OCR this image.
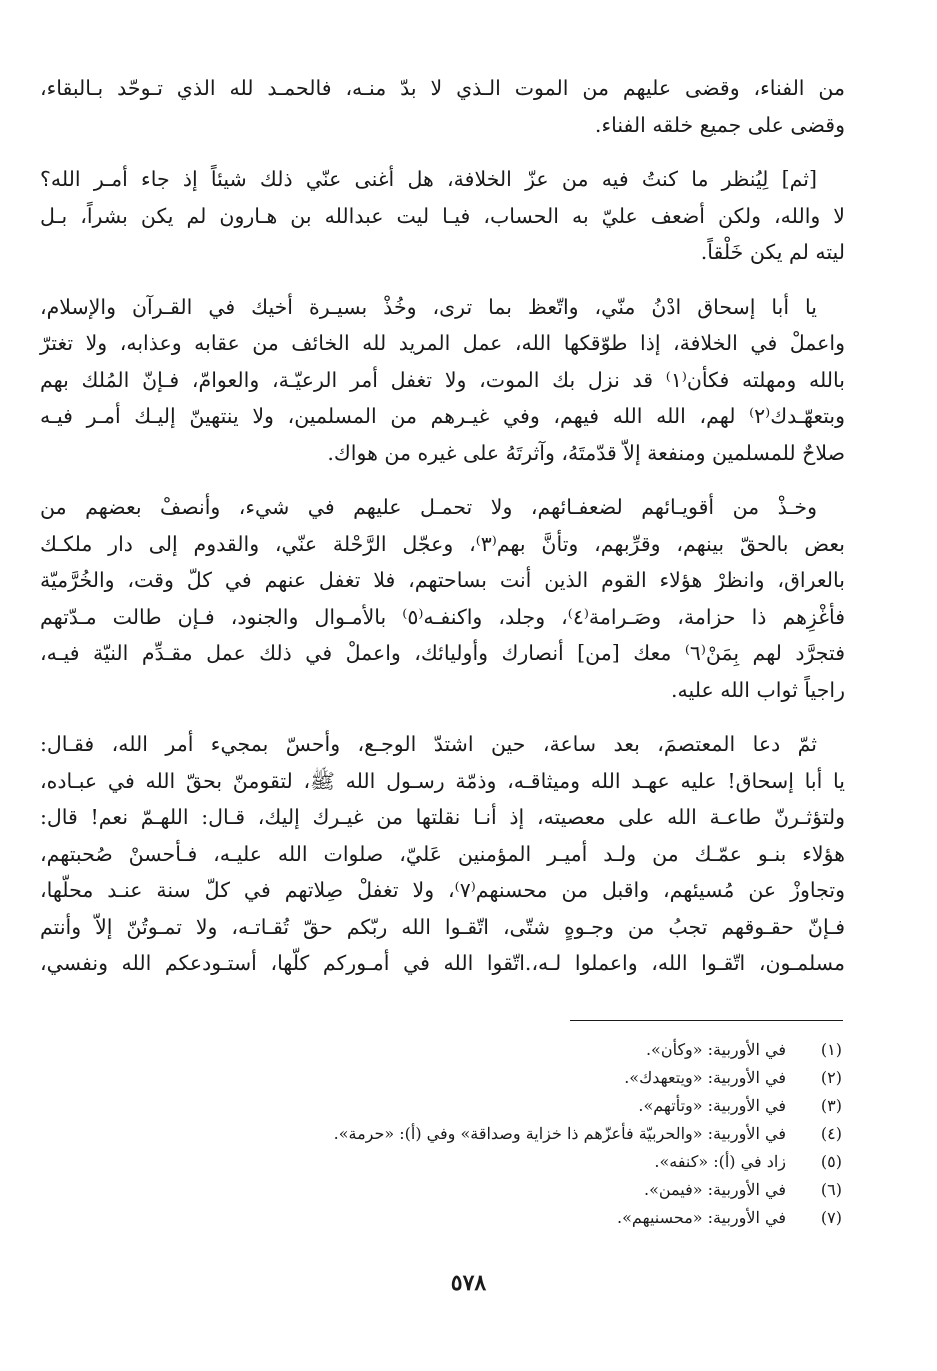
من الفناء، وقضى عليهم من الموت الـذي لا بدّ منـه، فالحمـد لله الذي تـوحّد بـالبقاء،
وقضى على جميع خلقه الفناء.

[ثم] لِيُنظر ما كنتُ فيه من عزّ الخلافة، هل أغنى عنّي ذلك شيئاً إذ جاء أمـر الله؟
لا والله، ولكن أضعف عليّ به الحساب، فيـا ليت عبدالله بن هـارون لم يكن بشراً، بـل
ليته لم يكن خَلْقاً.

يا أبا إسحاق ادْنُ منّي، واتّعظ بما ترى، وخُذْ بسيـرة أخيك في القـرآن والإسلام،
واعملْ في الخلافة، إذا طوّقكها الله، عمل المريد لله الخائف من عقابه وعذابه، ولا تغترّ
بالله ومهلته فكأن⁽١⁾ قد نزل بك الموت، ولا تغفل أمر الرعيّـة، والعوامّ، فـإنّ المُلك بهم
وبتعهّـدك⁽٢⁾ لهم، الله الله فيهم، وفي غيـرهم من المسلمين، ولا ينتهينّ إليـك أمـر فيـه
صلاحٌ للمسلمين ومنفعة إلاّ قدّمتَهُ، وآثرتَهُ على غيره من هواك.

وخـذْ من أقويـائهم لضعفـائهم، ولا تحمـل عليهم في شيء، وأنصفْ بعضهم من
بعض بالحقّ بينهم، وقرِّبهم، وتأنَّ بهم⁽٣⁾، وعجّل الرَّحْلة عنّي، والقدوم إلى دار ملكـك
بالعراق، وانظرْ هؤلاء القوم الذين أنت بساحتهم، فلا تغفل عنهم في كلّ وقت، والخُرَّميّة
فأغْزِهم ذا حزامة، وصَـرامة⁽٤⁾، وجلد، واكنفـه⁽٥⁾ بالأمـوال والجنود، فـإن طالت مـدّتهم
فتجرَّد لهم بِمَنْ⁽٦⁾ معك [من] أنصارك وأوليائك، واعملْ في ذلك عمل مقـدِّم النيّة فيـه،
راجياً ثواب الله عليه.

ثمّ دعا المعتصمَ، بعد ساعة، حين اشتدّ الوجـع، وأحسّ بمجيء أمر الله، فقـال:
يا أبا إسحاق! عليه عهـد الله وميثاقـه، وذمّة رسـول الله ﷺ، لتقومنّ بحقّ الله في عبـاده،
ولتؤثـرنّ طاعـة الله على معصيته، إذ أنـا نقلتها من غيـرك إليك، قـال: اللهـمّ نعم! قال:
هؤلاء بنـو عمّـك من ولـد أميـر المؤمنين عَليّ، صلوات الله عليـه، فـأحسنْ صُحبتهم،
وتجاوزْ عن مُسيئهم، واقبل من محسنهم⁽٧⁾، ولا تغفلْ صِلاتهم في كلّ سنة عنـد محلّها،
فـإنّ حقـوقهم تجبُ من وجـوهٍ شتّى، اتّقـوا الله ربّكم حقّ تُقـاتـه، ولا تمـوتُنّ إلاّ وأنتم
مسلمـون، اتّقـوا الله، واعملوا لـه،.اتّقوا الله في أمـوركم كلّها، أستـودعكم الله ونفسي،

(١)
في الأوربية: «وكأن».
(٢)
في الأوربية: «ويتعهدك».
(٣)
في الأوربية: «وتأتهم».
(٤)
في الأوربية: «والحربيّة فأعزّهم ذا خزاية وصداقة» وفي (أ): «حرمة».
(٥)
زاد في (أ): «كنفه».
(٦)
في الأوربية: «فيمن».
(٧)
في الأوربية: «محسنيهم».
٥٧٨
